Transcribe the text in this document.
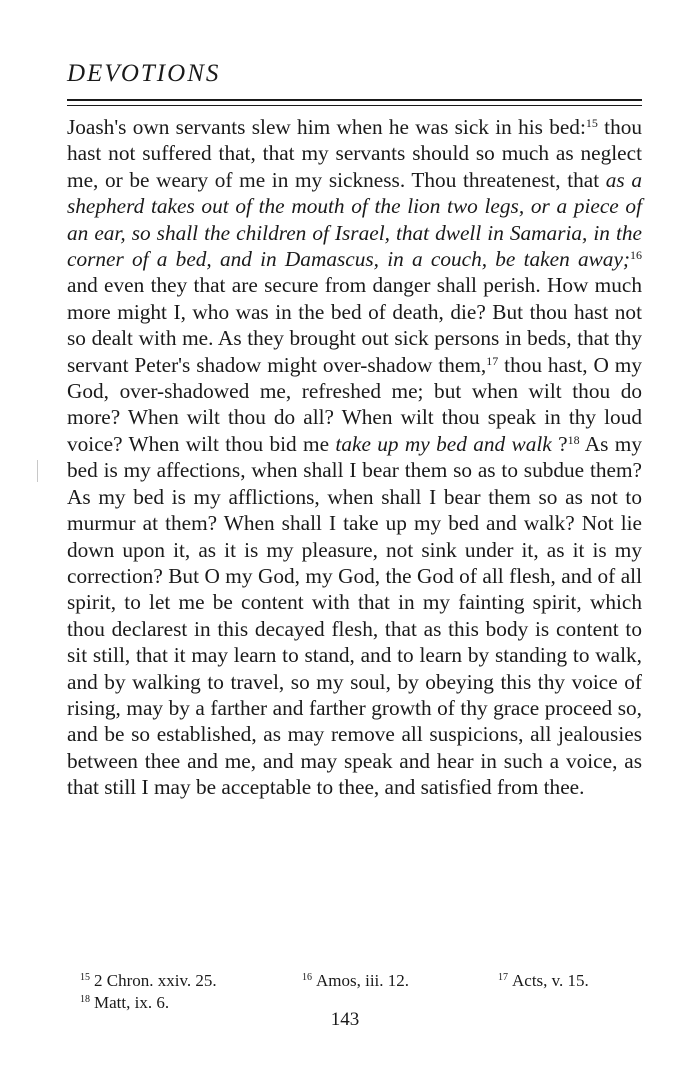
DEVOTIONS

Joash's own servants slew him when he was sick in his bed:$^{15}$ thou hast not suffered that, that my servants should so much as neglect me, or be weary of me in my sickness. Thou threatenest, that as a shepherd takes out of the mouth of the lion two legs, or a piece of an ear, so shall the children of Israel, that dwell in Samaria, in the corner of a bed, and in Damascus, in a couch, be taken away;$^{16}$ and even they that are secure from danger shall perish. How much more might I, who was in the bed of death, die? But thou hast not so dealt with me. As they brought out sick persons in beds, that thy servant Peter's shadow might over-shadow them,$^{17}$ thou hast, O my God, over-shadowed me, refreshed me; but when wilt thou do more? When wilt thou do all? When wilt thou speak in thy loud voice? When wilt thou bid me take up my bed and walk ?$^{18}$ As my bed is my affections, when shall I bear them so as to subdue them? As my bed is my afflictions, when shall I bear them so as not to murmur at them? When shall I take up my bed and walk? Not lie down upon it, as it is my pleasure, not sink under it, as it is my correction? But O my God, my God, the God of all flesh, and of all spirit, to let me be content with that in my fainting spirit, which thou declarest in this decayed flesh, that as this body is content to sit still, that it may learn to stand, and to learn by standing to walk, and by walking to travel, so my soul, by obeying this thy voice of rising, may by a farther and farther growth of thy grace proceed so, and be so established, as may remove all suspicions, all jealousies between thee and me, and may speak and hear in such a voice, as that still I may be acceptable to thee, and satisfied from thee.

$^{15}$ 2 Chron. xxiv. 25.	$^{16}$ Amos, iii. 12.	$^{17}$ Acts, v. 15.
$^{18}$ Matt, ix. 6.
143
